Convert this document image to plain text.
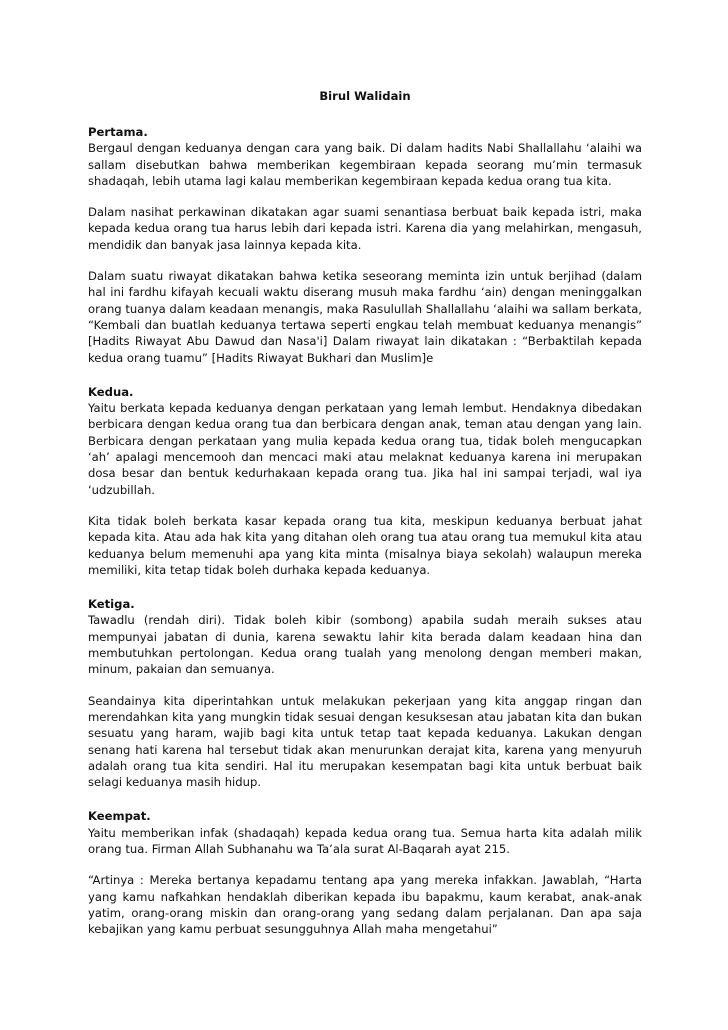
Birul Walidain
Pertama.

Bergaul dengan keduanya dengan cara yang baik. Di dalam hadits Nabi Shallallahu ‘alaihi wa sallam disebutkan bahwa memberikan kegembiraan kepada seorang mu’min termasuk shadaqah, lebih utama lagi kalau memberikan kegembiraan kepada kedua orang tua kita.

Dalam nasihat perkawinan dikatakan agar suami senantiasa berbuat baik kepada istri, maka kepada kedua orang tua harus lebih dari kepada istri. Karena dia yang melahirkan, mengasuh, mendidik dan banyak jasa lainnya kepada kita.

Dalam suatu riwayat dikatakan bahwa ketika seseorang meminta izin untuk berjihad (dalam hal ini fardhu kifayah kecuali waktu diserang musuh maka fardhu ‘ain) dengan meninggalkan orang tuanya dalam keadaan menangis, maka Rasulullah Shallallahu ‘alaihi wa sallam berkata, “Kembali dan buatlah keduanya tertawa seperti engkau telah membuat keduanya menangis” [Hadits Riwayat Abu Dawud dan Nasa'i] Dalam riwayat lain dikatakan : “Berbaktilah kepada kedua orang tuamu” [Hadits Riwayat Bukhari dan Muslim]e

Kedua.

Yaitu berkata kepada keduanya dengan perkataan yang lemah lembut. Hendaknya dibedakan berbicara dengan kedua orang tua dan berbicara dengan anak, teman atau dengan yang lain. Berbicara dengan perkataan yang mulia kepada kedua orang tua, tidak boleh mengucapkan ‘ah’ apalagi mencemooh dan mencaci maki atau melaknat keduanya karena ini merupakan dosa besar dan bentuk kedurhakaan kepada orang tua. Jika hal ini sampai terjadi, wal iya ‘udzubillah.

Kita tidak boleh berkata kasar kepada orang tua kita, meskipun keduanya berbuat jahat kepada kita. Atau ada hak kita yang ditahan oleh orang tua atau orang tua memukul kita atau keduanya belum memenuhi apa yang kita minta (misalnya biaya sekolah) walaupun mereka memiliki, kita tetap tidak boleh durhaka kepada keduanya.

Ketiga.

Tawadlu (rendah diri). Tidak boleh kibir (sombong) apabila sudah meraih sukses atau mempunyai jabatan di dunia, karena sewaktu lahir kita berada dalam keadaan hina dan membutuhkan pertolongan. Kedua orang tualah yang menolong dengan memberi makan, minum, pakaian dan semuanya.

Seandainya kita diperintahkan untuk melakukan pekerjaan yang kita anggap ringan dan merendahkan kita yang mungkin tidak sesuai dengan kesuksesan atau jabatan kita dan bukan sesuatu yang haram, wajib bagi kita untuk tetap taat kepada keduanya. Lakukan dengan senang hati karena hal tersebut tidak akan menurunkan derajat kita, karena yang menyuruh adalah orang tua kita sendiri. Hal itu merupakan kesempatan bagi kita untuk berbuat baik selagi keduanya masih hidup.

Keempat.

Yaitu memberikan infak (shadaqah) kepada kedua orang tua. Semua harta kita adalah milik orang tua. Firman Allah Subhanahu wa Ta’ala surat Al-Baqarah ayat 215.

“Artinya : Mereka bertanya kepadamu tentang apa yang mereka infakkan. Jawablah, “Harta yang kamu nafkahkan hendaklah diberikan kepada ibu bapakmu, kaum kerabat, anak-anak yatim, orang-orang miskin dan orang-orang yang sedang dalam perjalanan. Dan apa saja kebajikan yang kamu perbuat sesungguhnya Allah maha mengetahui”
